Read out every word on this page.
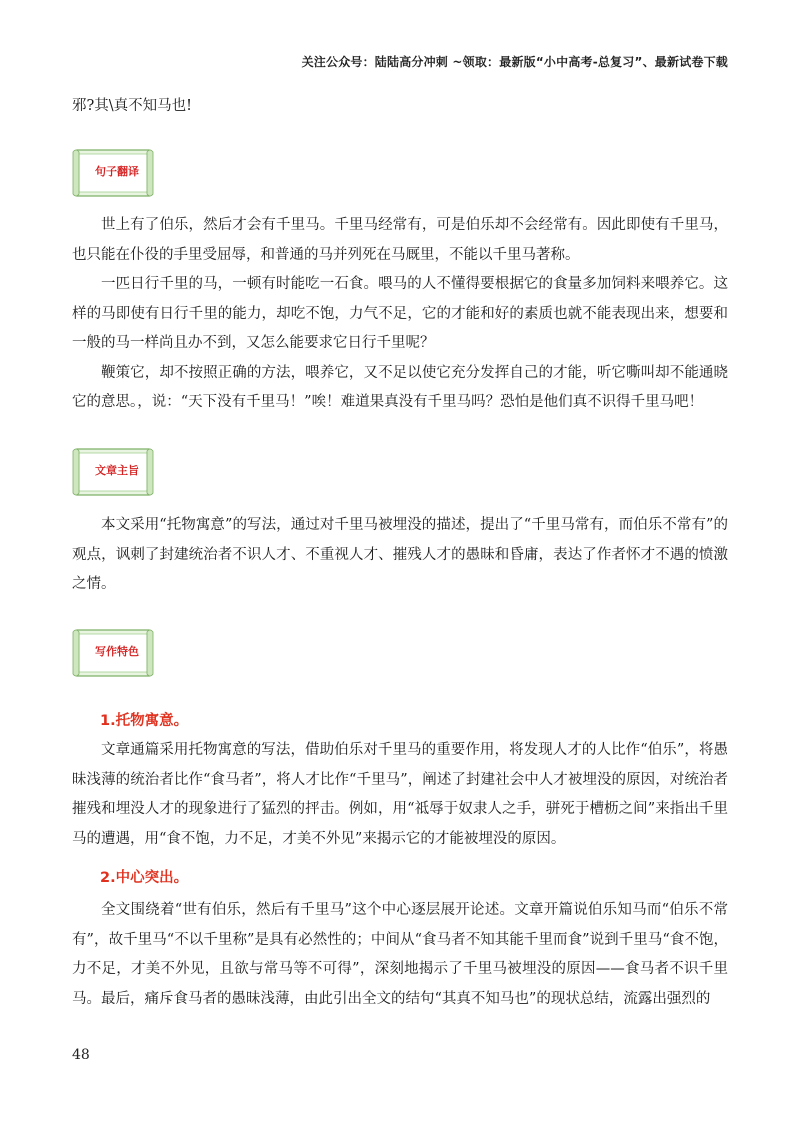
关注公众号：陆陆高分冲刺 ~领取：最新版“小中高考-总复习”、最新试卷下载

邪?其\真不知马也!

句子翻译

世上有了伯乐，然后才会有千里马。千里马经常有，可是伯乐却不会经常有。因此即使有千里马，也只能在仆役的手里受屈辱，和普通的马并列死在马厩里，不能以千里马著称。

一匹日行千里的马，一顿有时能吃一石食。喂马的人不懂得要根据它的食量多加饲料来喂养它。这样的马即使有日行千里的能力，却吃不饱，力气不足，它的才能和好的素质也就不能表现出来，想要和一般的马一样尚且办不到，又怎么能要求它日行千里呢？

鞭策它，却不按照正确的方法，喂养它，又不足以使它充分发挥自己的才能，听它嘶叫却不能通晓它的意思。，说：“天下没有千里马！”唉！难道果真没有千里马吗？恐怕是他们真不识得千里马吧！

文章主旨

本文采用“托物寓意”的写法，通过对千里马被埋没的描述，提出了“千里马常有，而伯乐不常有”的观点，讽刺了封建统治者不识人才、不重视人才、摧残人才的愚昧和昏庸，表达了作者怀才不遇的愤激之情。

写作特色
1.托物寓意。

文章通篇采用托物寓意的写法，借助伯乐对千里马的重要作用，将发现人才的人比作“伯乐”，将愚昧浅薄的统治者比作“食马者”，将人才比作“千里马”，阐述了封建社会中人才被埋没的原因，对统治者摧残和埋没人才的现象进行了猛烈的抨击。例如，用“祗辱于奴隶人之手，骈死于槽枥之间”来指出千里马的遭遇，用“食不饱，力不足，才美不外见”来揭示它的才能被埋没的原因。

2.中心突出。

全文围绕着“世有伯乐，然后有千里马”这个中心逐层展开论述。文章开篇说伯乐知马而“伯乐不常有”，故千里马“不以千里称”是具有必然性的；中间从“食马者不知其能千里而食”说到千里马“食不饱，力不足，才美不外见，且欲与常马等不可得”，深刻地揭示了千里马被埋没的原因——食马者不识千里马。最后，痛斥食马者的愚昧浅薄，由此引出全文的结句“其真不知马也”的现状总结，流露出强烈的

48
